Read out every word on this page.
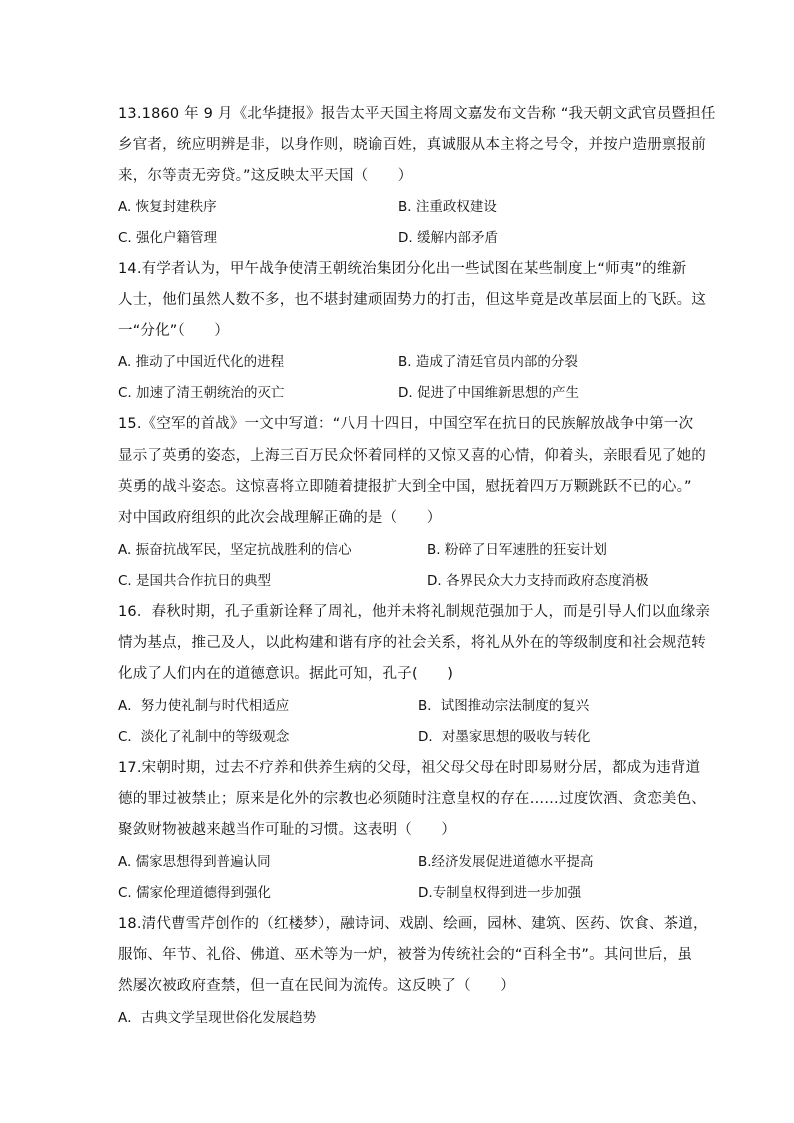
13.1860 年 9 月《北华捷报》报告太平天国主将周文嘉发布文告称 “我天朝文武官员暨担任
乡官者，统应明辨是非，以身作则，晓谕百姓，真诚服从本主将之号令，并按户造册禀报前
来，尔等责无旁贷。”这反映太平天国（　　）
A. 恢复封建秩序	B. 注重政权建设
C. 强化户籍管理	D. 缓解内部矛盾
14.有学者认为，甲午战争使清王朝统治集团分化出一些试图在某些制度上“师夷”的维新
人士，他们虽然人数不多，也不堪封建顽固势力的打击，但这毕竟是改革层面上的飞跃。这
一“分化”（　　）
A. 推动了中国近代化的进程	B. 造成了清廷官员内部的分裂
C. 加速了清王朝统治的灭亡	D. 促进了中国维新思想的产生
15.《空军的首战》一文中写道：“八月十四日，中国空军在抗日的民族解放战争中第一次
显示了英勇的姿态，上海三百万民众怀着同样的又惊又喜的心情，仰着头，亲眼看见了她的
英勇的战斗姿态。这惊喜将立即随着捷报扩大到全中国，慰抚着四万万颗跳跃不已的心。”
对中国政府组织的此次会战理解正确的是（　　）
A. 振奋抗战军民，坚定抗战胜利的信心	B. 粉碎了日军速胜的狂妄计划
C. 是国共合作抗日的典型	D. 各界民众大力支持而政府态度消极
16．春秋时期，孔子重新诠释了周礼，他并未将礼制规范强加于人，而是引导人们以血缘亲
情为基点，推己及人，以此构建和谐有序的社会关系，将礼从外在的等级制度和社会规范转
化成了人们内在的道德意识。据此可知，孔子(　　)
A．努力使礼制与时代相适应	B．试图推动宗法制度的复兴
C．淡化了礼制中的等级观念	D．对墨家思想的吸收与转化
17.宋朝时期，过去不疗养和供养生病的父母，祖父母父母在时即易财分居，都成为违背道
德的罪过被禁止；原来是化外的宗教也必须随时注意皇权的存在……过度饮酒、贪恋美色、
聚敛财物被越来越当作可耻的习惯。这表明（　　）
A. 儒家思想得到普遍认同	B.经济发展促进道德水平提高
C. 儒家伦理道德得到强化	D.专制皇权得到进一步加强
18.清代曹雪芹创作的（红楼梦），融诗词、戏剧、绘画，园林、建筑、医药、饮食、茶道，
服饰、年节、礼俗、佛道、巫术等为一炉，被誉为传统社会的“百科全书”。其问世后，虽
然屡次被政府查禁，但一直在民间为流传。这反映了（　　）
A．古典文学呈现世俗化发展趋势
